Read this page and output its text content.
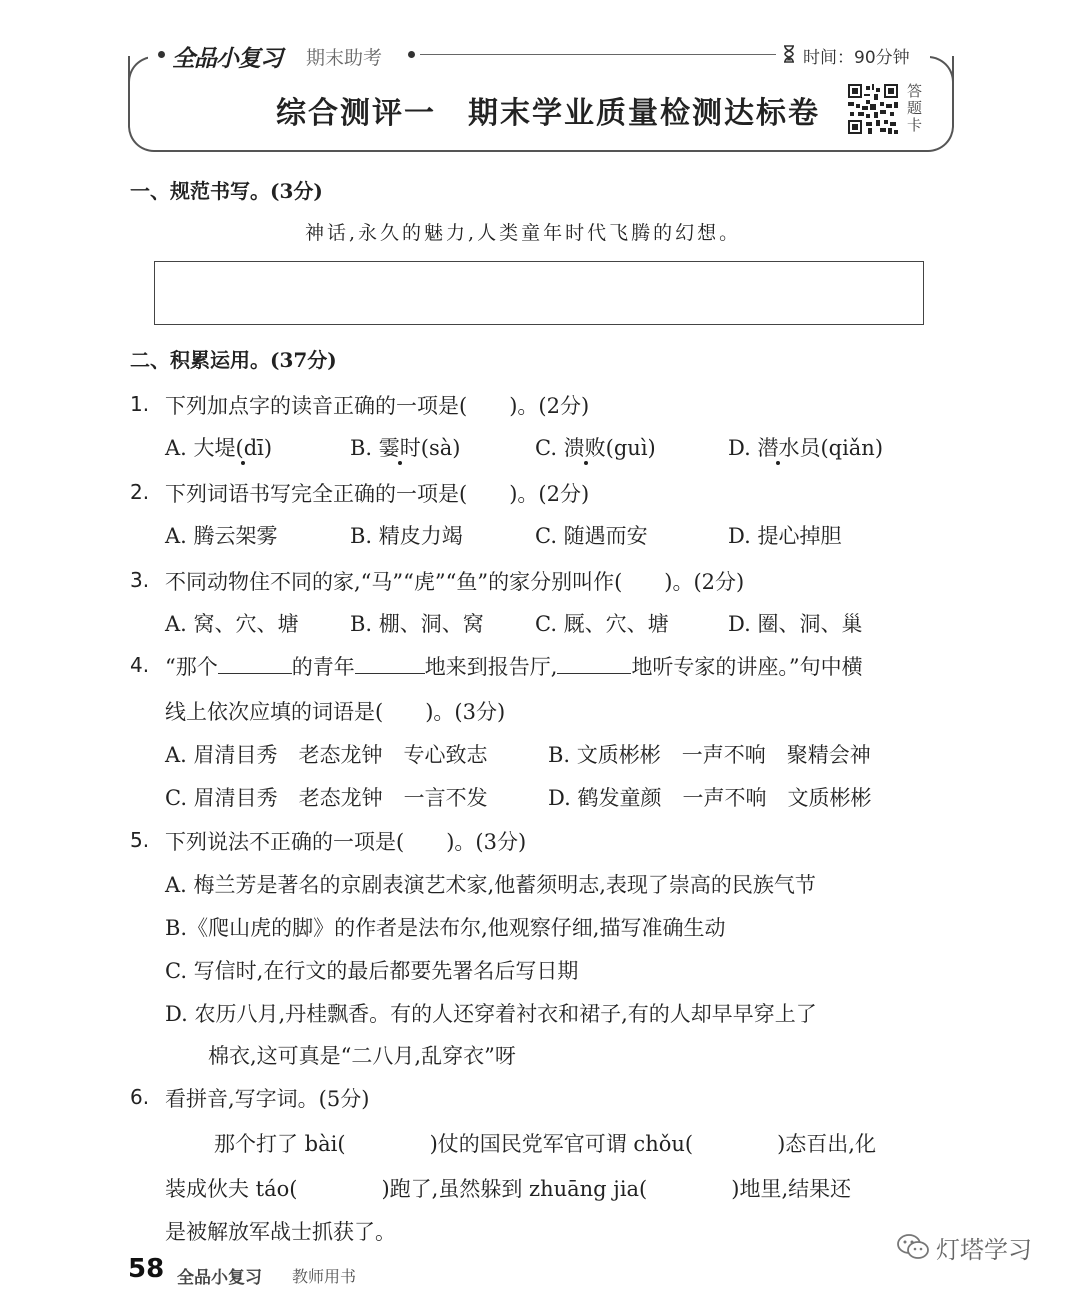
全品小复习 期末助考	时间：90分钟
综合测评一　期末学业质量检测达标卷
答
题
卡
一、规范书写。(3分)
神话,永久的魅力,人类童年时代飞腾的幻想。
二、积累运用。(37分)
1. 下列加点字的读音正确的一项是(　　)。(2分)
A. 大堤(dī)	B. 霎时(sà)	C. 溃败(guì)	D. 潜水员(qiǎn)
2. 下列词语书写完全正确的一项是(　　)。(2分)
A. 腾云架雾	B. 精皮力竭	C. 随遇而安	D. 提心掉胆
3. 不同动物住不同的家,“马”“虎”“鱼”的家分别叫作(　　)。(2分)
A. 窝、穴、塘 B. 棚、洞、窝 C. 厩、穴、塘	D. 圈、洞、巢
4. “那个	的青年	地来到报告厅,	地听专家的讲座。”句中横
线上依次应填的词语是(　　)。(3分)
A. 眉清目秀　老态龙钟　专心致志	B. 文质彬彬　一声不响　聚精会神
C. 眉清目秀　老态龙钟　一言不发	D. 鹤发童颜　一声不响　文质彬彬
5. 下列说法不正确的一项是(　　)。(3分)
A. 梅兰芳是著名的京剧表演艺术家,他蓄须明志,表现了崇高的民族气节
B.《爬山虎的脚》的作者是法布尔,他观察仔细,描写准确生动
C. 写信时,在行文的最后都要先署名后写日期
D. 农历八月,丹桂飘香。有的人还穿着衬衣和裙子,有的人却早早穿上了
棉衣,这可真是“二八月,乱穿衣”呀
6. 看拼音,写字词。(5分)
那个打了 bài(	)仗的国民党军官可谓 chǒu(	)态百出,化
装成伙夫 táo(	)跑了,虽然躲到 zhuāng jia(	)地里,结果还
是被解放军战士抓获了。
58 全品小复习 教师用书
灯塔学习
